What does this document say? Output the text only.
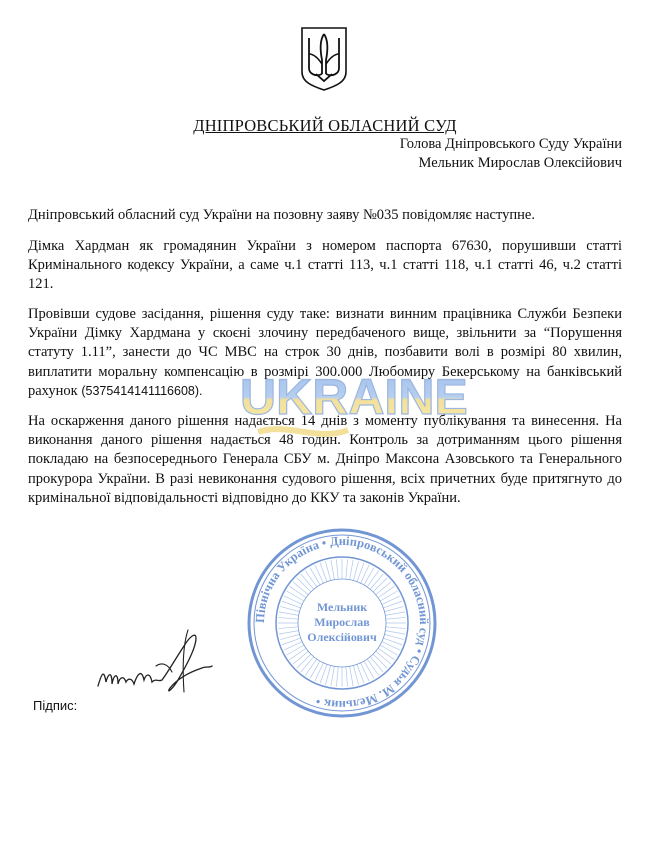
ДНІПРОВСЬКИЙ ОБЛАСНИЙ СУД
Голова Дніпровського Суду України
Мельник Мирослав Олексійович

Дніпровський обласний суд України на позовну заяву №035 повідомляє наступне.

Дімка Хардман як громадянин України з номером паспорта 67630, порушивши статті Кримінального кодексу України, а саме ч.1 статті 113, ч.1 статті 118, ч.1 статті 46, ч.2 статті 121.

Провівши судове засідання, рішення суду таке: визнати винним працівника Служби Безпеки України Дімку Хардмана у скоєні злочину передбаченого вище, звільнити за “Порушення статуту 1.11”, занести до ЧС МВС на строк 30 днів, позбавити волі в розмірі 80 хвилин, виплатити моральну компенсацію в розмірі 300.000 Любомиру Бекерському на банківський рахунок (5375414141116608).

На оскарження даного рішення надається 14 днів з моменту публікування та винесення. На виконання даного рішення надається 48 годин. Контроль за дотриманням цього рішення покладаю на безпосереднього Генерала СБУ м. Дніпро Максона Азовського та Генерального прокурора України. В разі невиконання судового рішення, всіх причетних буде притягнуто до кримінальної відповідальності відповідно до ККУ та законів України.

UKRAINE
Північна Україна • Дніпровський обласний суд • Судья М. Мельник •
Мельник
Мирослав
Олексійович
Підпис:
